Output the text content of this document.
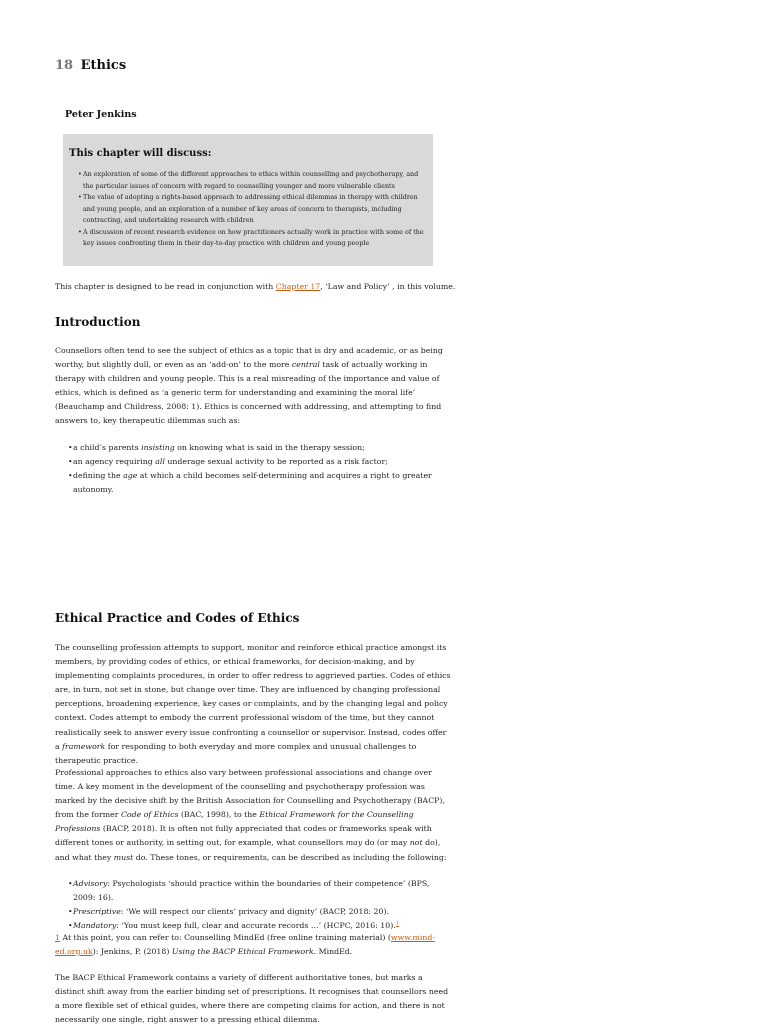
18 Ethics
Peter Jenkins
This chapter will discuss:
• An exploration of some of the different approaches to ethics within counselling and psychotherapy, and the particular issues of concern with regard to counselling younger and more vulnerable clients
• The value of adopting a rights-based approach to addressing ethical dilemmas in therapy with children and young people, and an exploration of a number of key areas of concern to therapists, including contracting, and undertaking research with children
• A discussion of recent research evidence on how practitioners actually work in practice with some of the key issues confronting them in their day-to-day practice with children and young people
This chapter is designed to be read in conjunction with Chapter 17, ‘Law and Policy’ , in this volume.
Introduction

Counsellors often tend to see the subject of ethics as a topic that is dry and academic, or as being worthy, but slightly dull, or even as an ‘add-on’ to the more central task of actually working in therapy with children and young people. This is a real misreading of the importance and value of ethics, which is defined as ‘a generic term for understanding and examining the moral life’ (Beauchamp and Childress, 2008: 1). Ethics is concerned with addressing, and attempting to find answers to, key therapeutic dilemmas such as:

• a child’s parents insisting on knowing what is said in the therapy session;
• an agency requiring all underage sexual activity to be reported as a risk factor;
• defining the age at which a child becomes self-determining and acquires a right to greater autonomy.
Ethical Practice and Codes of Ethics

The counselling profession attempts to support, monitor and reinforce ethical practice amongst its members, by providing codes of ethics, or ethical frameworks, for decision-making, and by implementing complaints procedures, in order to offer redress to aggrieved parties. Codes of ethics are, in turn, not set in stone, but change over time. They are influenced by changing professional perceptions, broadening experience, key cases or complaints, and by the changing legal and policy context. Codes attempt to embody the current professional wisdom of the time, but they cannot realistically seek to answer every issue confronting a counsellor or supervisor. Instead, codes offer a framework for responding to both everyday and more complex and unusual challenges to therapeutic practice.

Professional approaches to ethics also vary between professional associations and change over time. A key moment in the development of the counselling and psychotherapy profession was marked by the decisive shift by the British Association for Counselling and Psychotherapy (BACP), from the former Code of Ethics (BAC, 1998), to the Ethical Framework for the Counselling Professions (BACP, 2018). It is often not fully appreciated that codes or frameworks speak with different tones or authority, in setting out, for example, what counsellors may do (or may not do), and what they must do. These tones, or requirements, can be described as including the following:

• Advisory: Psychologists ‘should practice within the boundaries of their competence’ (BPS, 2009: 16).
• Prescriptive: ‘We will respect our clients’ privacy and dignity’ (BACP, 2018: 20).
• Mandatory: ‘You must keep full, clear and accurate records …’ (HCPC, 2016: 10).$^1$

1 At this point, you can refer to: Counselling MindEd (free online training material) (www.minded.org.uk): Jenkins, P. (2018) Using the BACP Ethical Framework. MindEd.

The BACP Ethical Framework contains a variety of different authoritative tones, but marks a distinct shift away from the earlier binding set of prescriptions. It recognises that counsellors need a more flexible set of ethical guides, where there are competing claims for action, and there is not necessarily one single, right answer to a pressing ethical dilemma.
